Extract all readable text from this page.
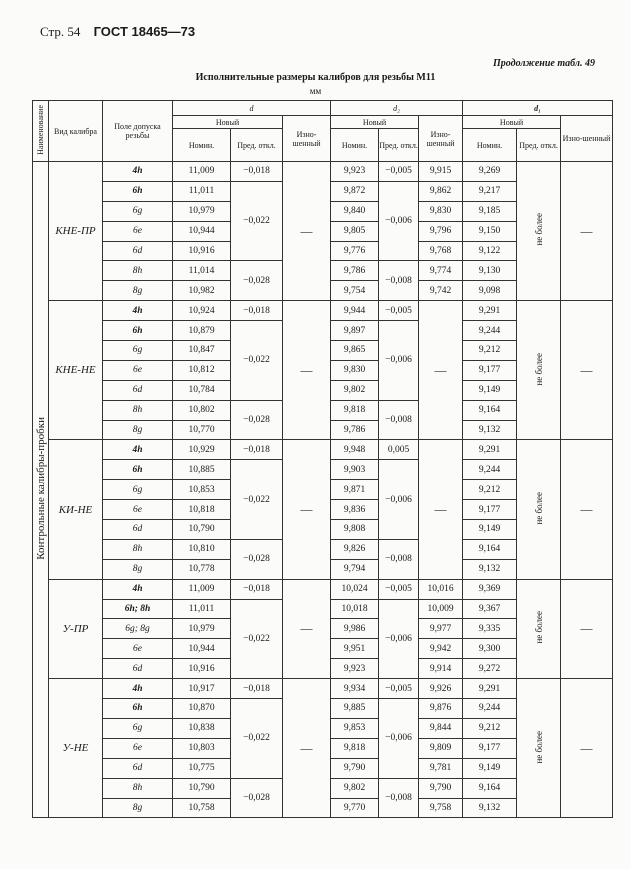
Стр. 54 ГОСТ 18465—73
Продолжение табл. 49
Исполнительные размеры калибров для резьбы М11
мм
Наименование	Вид калибра	Поле допуска резьбы	d			d₂			d₁		
			Новый		Изно-шенный	Новый		Изно-шенный	Новый		Изно-шенный
			Номин.	Пред. откл.		Номин.	Пред. откл.		Номин.	Пред. откл.	
Контрольные калибры-пробки	КНЕ-ПР	4h	11,009	−0,018	—	9,923	−0,005	9,915	9,269	не более	—
		6h	11,011	−0,022		9,872	−0,006	9,862	9,217		
		6g	10,979			9,840		9,830	9,185		
		6e	10,944			9,805		9,796	9,150		
		6d	10,916			9,776		9,768	9,122		
		8h	11,014	−0,028		9,786	−0,008	9,774	9,130		
		8g	10,982			9,754		9,742	9,098		
	КНЕ-НЕ	4h	10,924	−0,018	—	9,944	−0,005	—	9,291	не более	—
		6h	10,879	−0,022		9,897	−0,006		9,244		
		6g	10,847			9,865			9,212		
		6e	10,812			9,830			9,177		
		6d	10,784			9,802			9,149		
		8h	10,802	−0,028		9,818	−0,008		9,164		
		8g	10,770			9,786			9,132		
	КИ-НЕ	4h	10,929	−0,018	—	9,948	0,005	—	9,291	не более	—
		6h	10,885	−0,022		9,903	−0,006		9,244		
		6g	10,853			9,871			9,212		
		6e	10,818			9,836			9,177		
		6d	10,790			9,808			9,149		
		8h	10,810	−0,028		9,826	−0,008		9,164		
		8g	10,778			9,794			9,132		
	У-ПР	4h	11,009	−0,018	—	10,024	−0,005	10,016	9,369	не более	—
		6h; 8h	11,011	−0,022		10,018	−0,006	10,009	9,367		
		6g; 8g	10,979			9,986		9,977	9,335		
		6e	10,944			9,951		9,942	9,300		
		6d	10,916			9,923		9,914	9,272		
	У-НЕ	4h	10,917	−0,018	—	9,934	−0,005	9,926	9,291	не более	—
		6h	10,870	−0,022		9,885	−0,006	9,876	9,244		
		6g	10,838			9,853		9,844	9,212		
		6e	10,803			9,818		9,809	9,177		
		6d	10,775			9,790		9,781	9,149		
		8h	10,790	−0,028		9,802	−0,008	9,790	9,164		
		8g	10,758			9,770		9,758	9,132		
